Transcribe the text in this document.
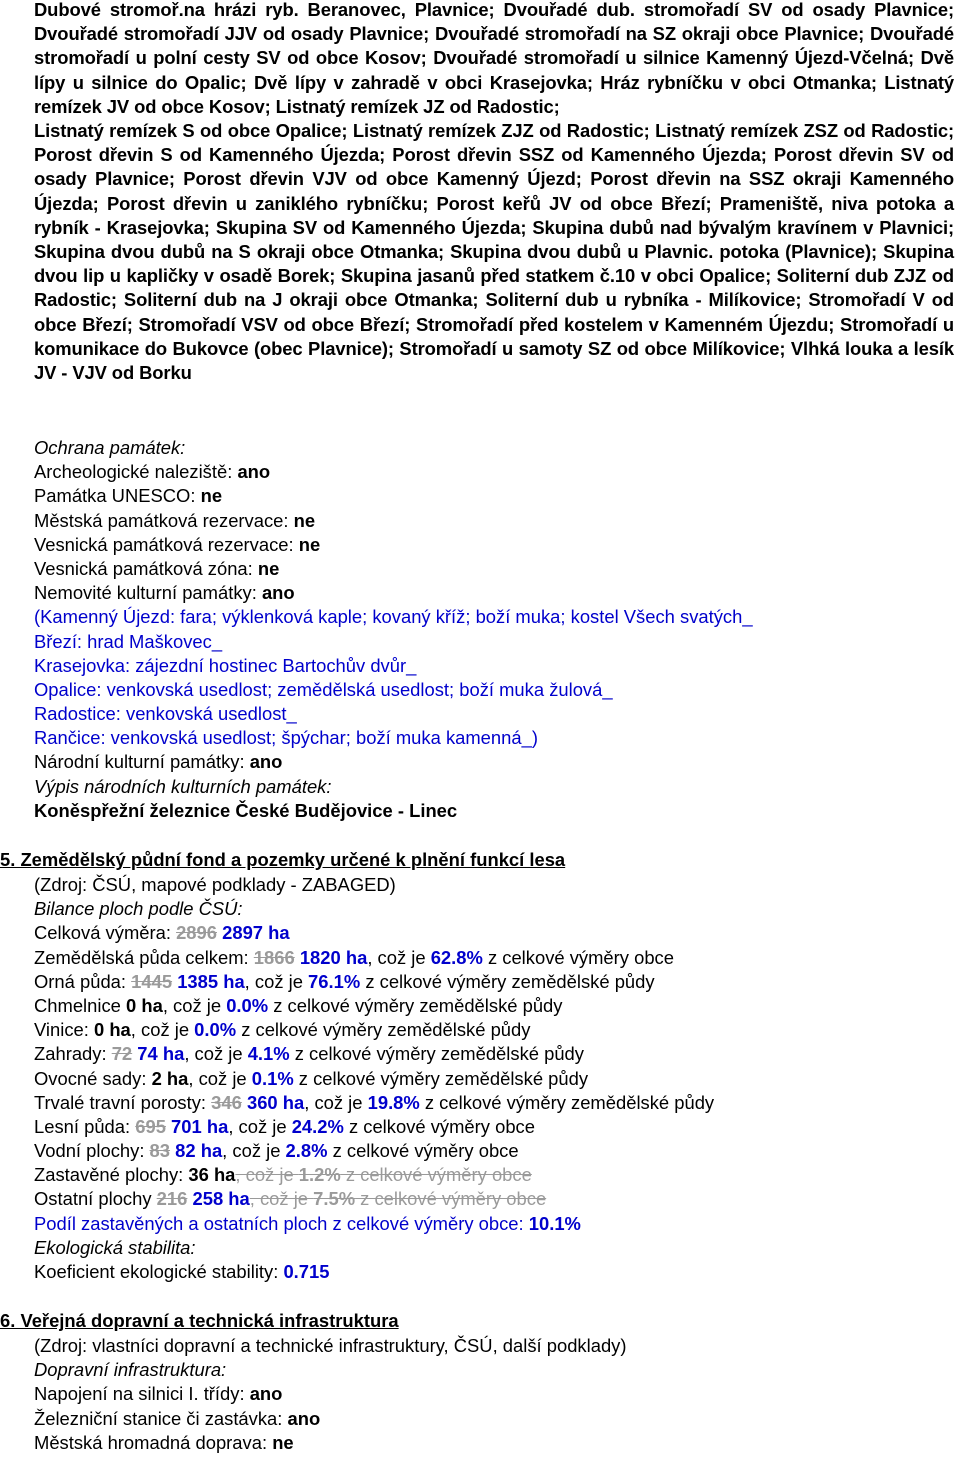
Dubové stromoř.na hrázi ryb. Beranovec, Plavnice; Dvouřadé dub. stromořadí SV od osady Plavnice; Dvouřadé stromořadí JJV od osady Plavnice; Dvouřadé stromořadí na SZ okraji obce Plavnice; Dvouřadé stromořadí u polní cesty SV od obce Kosov; Dvouřadé stromořadí u silnice Kamenný Újezd-Včelná; Dvě lípy u silnice do Opalic; Dvě lípy v zahradě v obci Krasejovka; Hráz rybníčku v obci Otmanka; Listnatý remízek JV od obce Kosov; Listnatý remízek JZ od Radostic;
Listnatý remízek S od obce Opalice; Listnatý remízek ZJZ od Radostic; Listnatý remízek ZSZ od Radostic; Porost dřevin S od Kamenného Újezda; Porost dřevin SSZ od Kamenného Újezda; Porost dřevin SV od osady Plavnice; Porost dřevin VJV od obce Kamenný Újezd; Porost dřevin na SSZ okraji Kamenného Újezda; Porost dřevin u zaniklého rybníčku; Porost keřů JV od obce Březí; Prameniště, niva potoka a rybník - Krasejovka; Skupina SV od Kamenného Újezda; Skupina dubů nad bývalým kravínem v Plavnici; Skupina dvou dubů na S okraji obce Otmanka; Skupina dvou dubů u Plavnic. potoka (Plavnice); Skupina dvou lip u kapličky v osadě Borek; Skupina jasanů před statkem č.10 v obci Opalice; Soliterní dub ZJZ od Radostic; Soliterní dub na J okraji obce Otmanka; Soliterní dub u rybníka - Milíkovice; Stromořadí V od obce Březí; Stromořadí VSV od obce Březí; Stromořadí před kostelem v Kamenném Újezdu; Stromořadí u komunikace do Bukovce (obec Plavnice); Stromořadí u samoty SZ od obce Milíkovice; Vlhká louka a lesík JV - VJV od Borku
Ochrana památek:
Archeologické naleziště: ano
Památka UNESCO: ne
Městská památková rezervace: ne
Vesnická památková rezervace: ne
Vesnická památková zóna: ne
Nemovité kulturní památky: ano
(Kamenný Újezd: fara; výklenková kaple; kovaný kříž; boží muka; kostel Všech svatých_
Březí: hrad Maškovec_
Krasejovka: zájezdní hostinec Bartochův dvůr_
Opalice: venkovská usedlost; zemědělská usedlost; boží muka žulová_
Radostice: venkovská usedlost_
Rančice: venkovská usedlost; špýchar; boží muka kamenná_)
Národní kulturní památky: ano
Výpis národních kulturních památek:
Koněspřežní železnice České Budějovice - Linec
5. Zemědělský půdní fond a pozemky určené k plnění funkcí lesa
(Zdroj: ČSÚ, mapové podklady - ZABAGED)
Bilance ploch podle ČSÚ:
Celková výměra: 2896 2897 ha
Zemědělská půda celkem: 1866 1820 ha, což je 62.8% z celkové výměry obce
Orná půda: 1445 1385 ha, což je 76.1% z celkové výměry zemědělské půdy
Chmelnice 0 ha, což je 0.0% z celkové výměry zemědělské půdy
Vinice: 0 ha, což je 0.0% z celkové výměry zemědělské půdy
Zahrady: 72 74 ha, což je 4.1% z celkové výměry zemědělské půdy
Ovocné sady: 2 ha, což je 0.1% z celkové výměry zemědělské půdy
Trvalé travní porosty: 346 360 ha, což je 19.8% z celkové výměry zemědělské půdy
Lesní půda: 695 701 ha, což je 24.2% z celkové výměry obce
Vodní plochy: 83 82 ha, což je 2.8% z celkové výměry obce
Zastavěné plochy: 36 ha, což je 1.2% z celkové výměry obce
Ostatní plochy 216 258 ha, což je 7.5% z celkové výměry obce
Podíl zastavěných a ostatních ploch z celkové výměry obce: 10.1%
Ekologická stabilita:
Koeficient ekologické stability: 0.715
6. Veřejná dopravní a technická infrastruktura
(Zdroj: vlastníci dopravní a technické infrastruktury, ČSÚ, další podklady)
Dopravní infrastruktura:
Napojení na silnici I. třídy: ano
Železniční stanice či zastávka: ano
Městská hromadná doprava: ne
